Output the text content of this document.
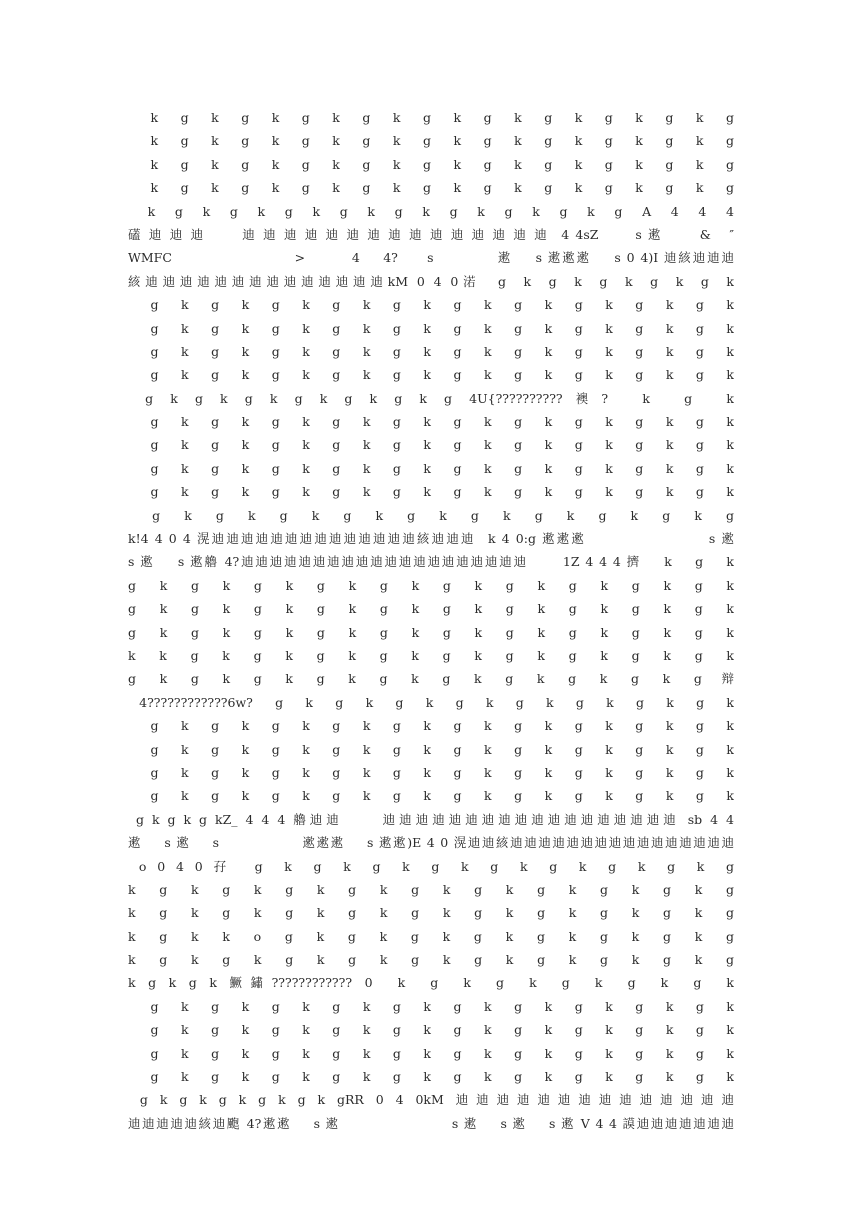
k g k g k g k g k g k g k g k g k g k g
k g k g k g k g k g k g k g k g k g k g
k g k g k g k g k g k g k g k g k g k g
k g k g k g k g k g k g k g k g k g k g
k g k g k g k g k g k g k g k g k g A 4 4 4
礚 迪 迪 迪      迪 迪 迪 迪 迪 迪 迪 迪 迪 迪 迪 迪 迪 迪 迪  4 4sZ      s 遬      &   ″
WMFC                     >        4    4?     s           遬    s 遬遬遬    s 0 4)I 迪絯迪迪迪
絯迪迪迪迪迪迪迪迪迪迪迪迪迪迪kM 0 4 0渃  g  k  g  k  g  k  g  k  g  k
g k g k g k g k g k g k g k g k g k g k
g k g k g k g k g k g k g k g k g k g k
g k g k g k g k g k g k g k g k g k g k
g k g k g k g k g k g k g k g k g k g k
g k g k g k g k g k g k g 4U{??????????襖?  k  g  k
g k g k g k g k g k g k g k g k g k g k
g k g k g k g k g k g k g k g k g k g k
g k g k g k g k g k g k g k g k g k g k
g k g k g k g k g k g k g k g k g k g k
g k g k g k g k g k g k g k g k g k g
k!4 4 0 4 滉迪迪迪迪迪迪迪迪迪迪迪迪迪迪絯迪迪迪  k 4 0:g 遬遬遬                    s 遬
s 遬    s 遬艪 4?迪迪迪迪迪迪迪迪迪迪迪迪迪迪迪迪迪迪迪迪      1Z 4 4 4 擠    k    g    k
g k g k g k g k g k g k g k g k g k g k
g k g k g k g k g k g k g k g k g k g k
g k g k g k g k g k g k g k g k g k g k
k k g k g k g k g k g k g k g k g k g k
g k g k g k g k g k g k g k g k g k g辩
4????????????6w?  g  k  g  k  g  k  g  k  g  k  g  k  g  k  g  k
g k g k g k g k g k g k g k g k g k g k
g k g k g k g k g k g k g k g k g k g k
g k g k g k g k g k g k g k g k g k g k
g k g k g k g k g k g k g k g k g k g k
g k g k g kZ_ 4 4 4 艪迪迪     迪迪迪迪迪迪迪迪迪迪迪迪迪迪迪迪迪迪 sb 4 4
遬    s 遬    s               遬遬遬    s 遬遬)E 4 0 滉迪迪絯迪迪迪迪迪迪迪迪迪迪迪迪迪迪迪迪
o 0 4 0 孖  g  k  g  k  g  k  g  k  g  k  g  k  g  k  g  k  g
k g k g k g k g k g k g k g k g k g k g
k g k g k g k g k g k g k g k g k g k g
k g k k o g k g k g k g k g k g k g k g
k g k g k g k g k g k g k g k g k g k g
k g k g k 鱖鏽???????????? 0  k  g  k  g  k  g  k  g  k  g  k
g k g k g k g k g k g k g k g k g k g k
g k g k g k g k g k g k g k g k g k g k
g k g k g k g k g k g k g k g k g k g k
g k g k g k g k g k g k g k g k g k g k
g k g k g k g k g k gRR 0 4 0kM 迪迪迪迪迪迪迪迪迪迪迪迪迪迪
迪迪迪迪迪絯迪颮 4?遬遬    s 遬                    s 遬    s 遬    s 遬 V 4 4 謨迪迪迪迪迪迪迪
